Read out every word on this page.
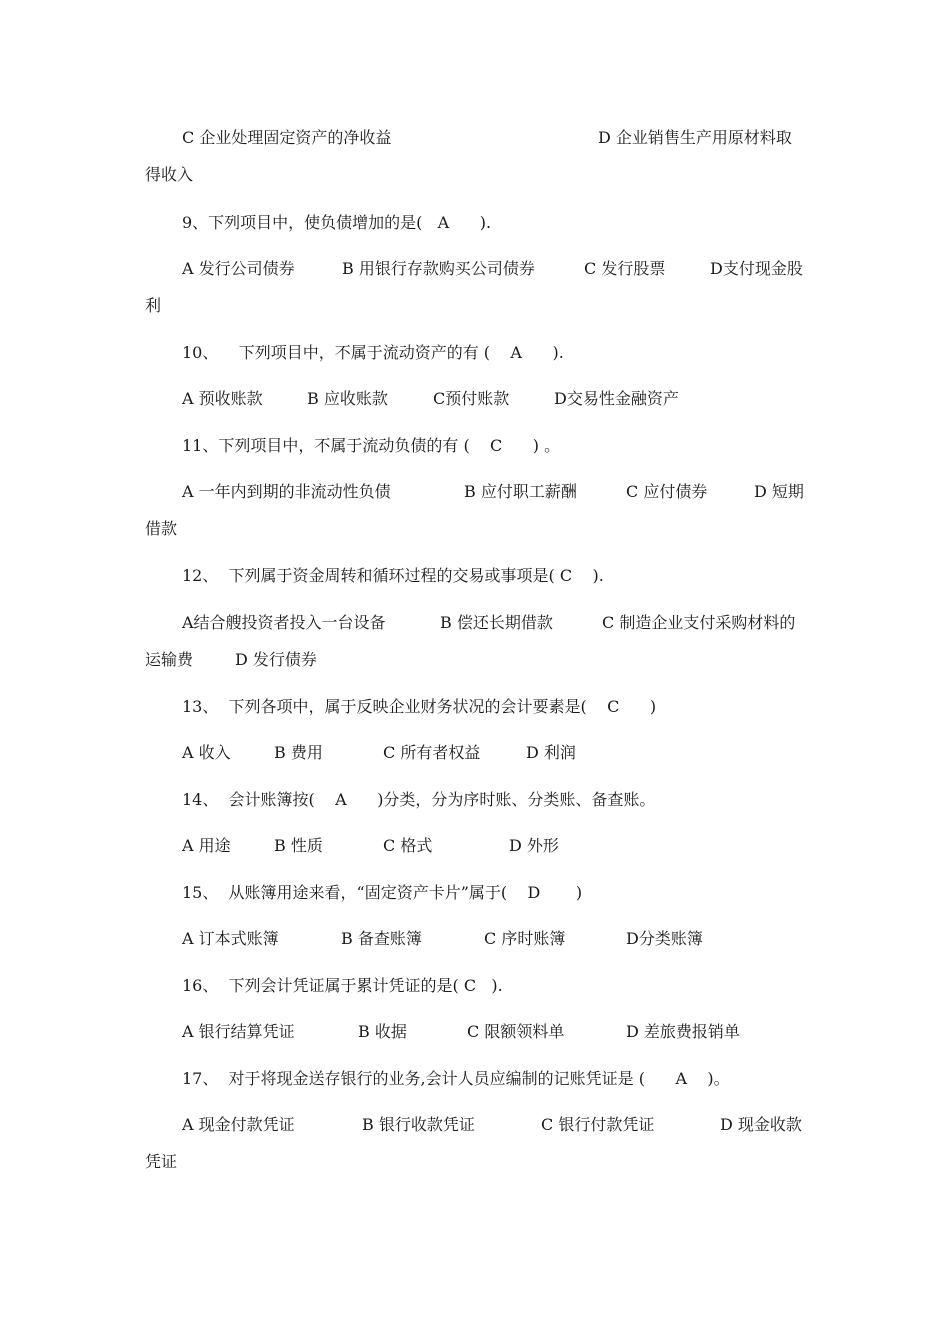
C 企业处理固定资产的净收益

	D 企业销售生产用原材料取

得收入
9、下列项目中，使负债增加的是(   A      ).

A 发行公司债券

	B 用银行存款购买公司债券

	C 发行股票

	D支付现金股

利
10、    下列项目中，不属于流动资产的有 (    A      ).

A 预收账款

	B 应收账款

	C预付账款

	D交易性金融资产

11、下列项目中，不属于流动负债的有 (    C      ) 。

A 一年内到期的非流动性负债

	B 应付职工薪酬

	C 应付债券

	D 短期

借款
12、  下列属于资金周转和循环过程的交易或事项是( C    ).

A结合艘投资者投入一台设备

	B 偿还长期借款

	C 制造企业支付采购材料的

运输费

	D 发行债券

13、  下列各项中，属于反映企业财务状况的会计要素是(    C      )

A 收入

	B 费用

	C 所有者权益

	D 利润

14、  会计账簿按(    A      )分类，分为序时账、分类账、备查账。

A 用途

	B 性质

	C 格式

	D 外形

15、  从账簿用途来看，“固定资产卡片”属于(    D       )

A 订本式账簿

	B 备查账簿

	C 序时账簿

	D分类账簿

16、  下列会计凭证属于累计凭证的是( C   ).

A 银行结算凭证

	B 收据

	C 限额领料单

	D 差旅费报销单

17、  对于将现金送存银行的业务,会计人员应编制的记账凭证是 (      A    )。

A 现金付款凭证

	B 银行收款凭证

	C 银行付款凭证

	D 现金收款

凭证
